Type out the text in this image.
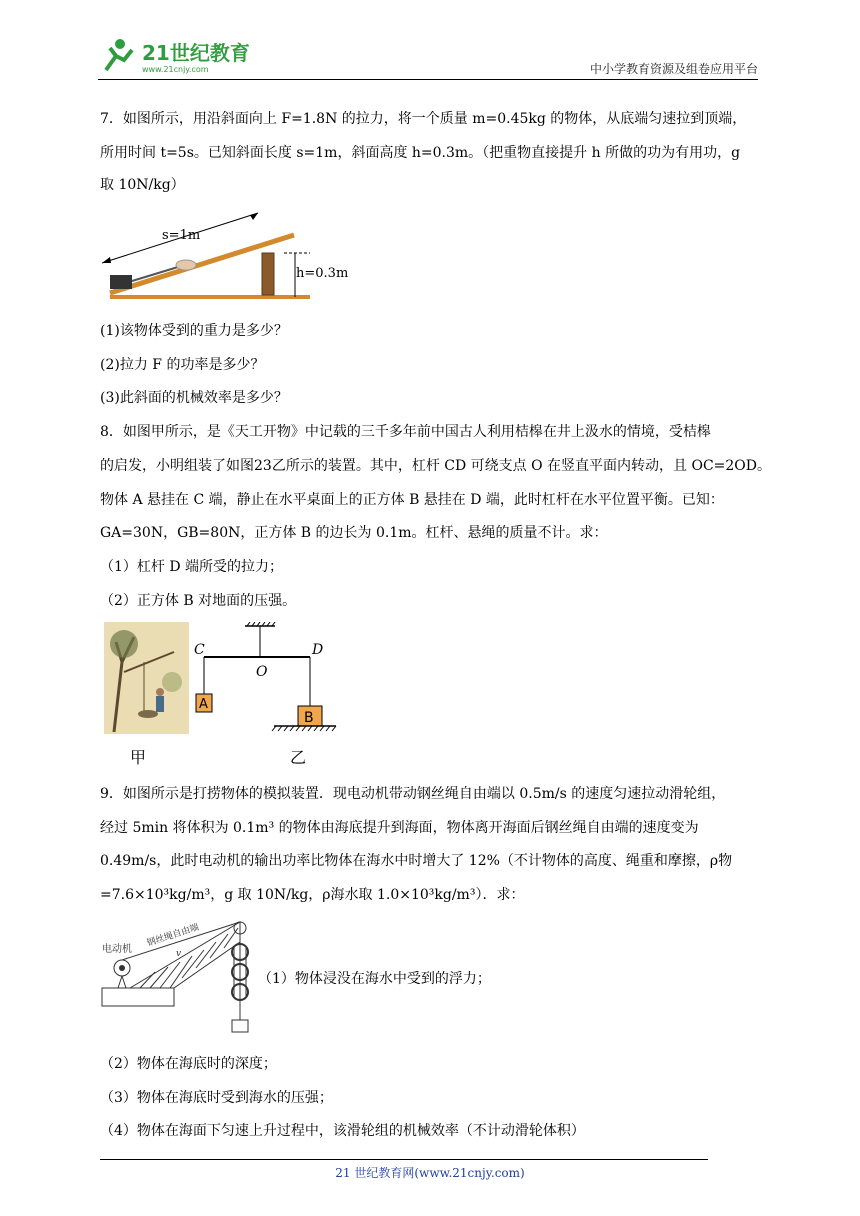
21世纪教育
www.21cnjy.com	中小学教育资源及组卷应用平台
7．如图所示，用沿斜面向上 F=1.8N 的拉力，将一个质量 m=0.45kg 的物体，从底端匀速拉到顶端，
所用时间 t=5s。已知斜面长度 s=1m，斜面高度 h=0.3m。（把重物直接提升 h 所做的功为有用功，g
取 10N/kg）
s=1m
h=0.3m
(1)该物体受到的重力是多少？
(2)拉力 F 的功率是多少？
(3)此斜面的机械效率是多少？
8．如图甲所示，是《天工开物》中记载的三千多年前中国古人利用桔槔在井上汲水的情境，受桔槔
的启发，小明组装了如图23乙所示的装置。其中，杠杆 CD 可绕支点 O 在竖直平面内转动，且 OC=2OD。
物体 A 悬挂在 C 端，静止在水平桌面上的正方体 B 悬挂在 D 端，此时杠杆在水平位置平衡。已知：
GA=30N，GB=80N，正方体 B 的边长为 0.1m。杠杆、悬绳的质量不计。求：
（1）杠杆 D 端所受的拉力；
（2）正方体 B 对地面的压强。
C
O
D
A
B
甲	乙
9．如图所示是打捞物体的模拟装置．现电动机带动钢丝绳自由端以 0.5m/s 的速度匀速拉动滑轮组，
经过 5min 将体积为 0.1m³ 的物体由海底提升到海面，物体离开海面后钢丝绳自由端的速度变为
0.49m/s，此时电动机的输出功率比物体在海水中时增大了 12%（不计物体的高度、绳重和摩擦，ρ物
=7.6×10³kg/m³，g 取 10N/kg，ρ海水取 1.0×10³kg/m³）．求：
电动机
钢丝绳自由端
v
（1）物体浸没在海水中受到的浮力；
（2）物体在海底时的深度；
（3）物体在海底时受到海水的压强；
（4）物体在海面下匀速上升过程中，该滑轮组的机械效率（不计动滑轮体积）
21 世纪教育网(www.21cnjy.com)
